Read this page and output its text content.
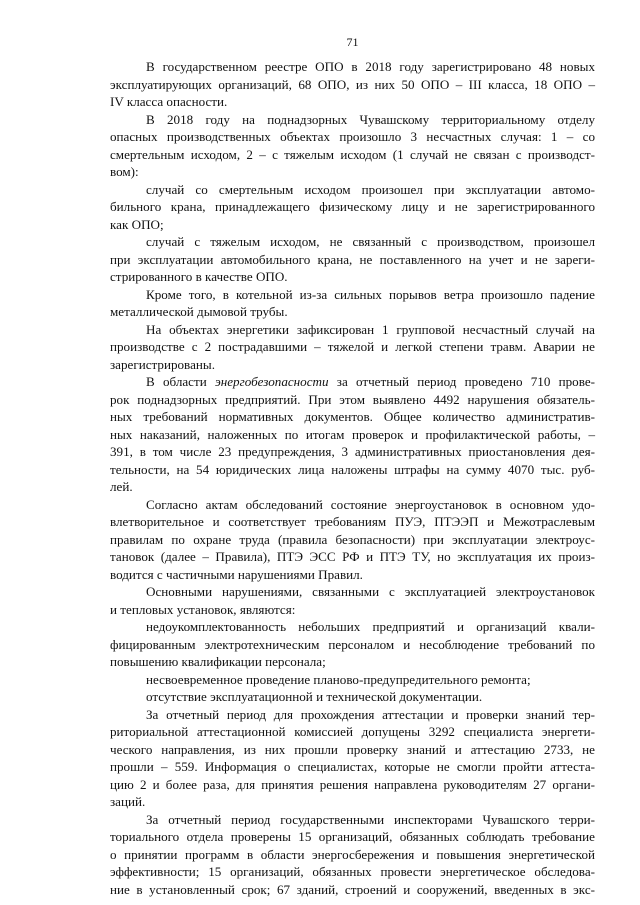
71
В государственном реестре ОПО в 2018 году зарегистрировано 48 новых
эксплуатирующих организаций, 68 ОПО, из них 50 ОПО – III класса, 18 ОПО –
IV класса опасности.
В 2018 году на поднадзорных Чувашскому территориальному отделу
опасных производственных объектах произошло 3 несчастных случая: 1 – со
смертельным исходом, 2 – с тяжелым исходом (1 случай не связан с производст-
вом):
случай со смертельным исходом произошел при эксплуатации автомо-
бильного крана, принадлежащего физическому лицу и не зарегистрированного
как ОПО;
случай с тяжелым исходом, не связанный с производством, произошел
при эксплуатации автомобильного крана, не поставленного на учет и не зареги-
стрированного в качестве ОПО.
Кроме того, в котельной из-за сильных порывов ветра произошло падение
металлической дымовой трубы.
На объектах энергетики зафиксирован 1 групповой несчастный случай на
производстве с 2 пострадавшими – тяжелой и легкой степени травм. Аварии не
зарегистрированы.
В области энергобезопасности за отчетный период проведено 710 прове-
рок поднадзорных предприятий. При этом выявлено 4492 нарушения обязатель-
ных требований нормативных документов. Общее количество административ-
ных наказаний, наложенных по итогам проверок и профилактической работы, –
391, в том числе 23 предупреждения, 3 административных приостановления дея-
тельности, на 54 юридических лица наложены штрафы на сумму 4070 тыс. руб-
лей.
Согласно актам обследований состояние энергоустановок в основном удо-
влетворительное и соответствует требованиям ПУЭ, ПТЭЭП и Межотраслевым
правилам по охране труда (правила безопасности) при эксплуатации электроус-
тановок (далее – Правила), ПТЭ ЭСС РФ и ПТЭ ТУ, но эксплуатация их произ-
водится с частичными нарушениями Правил.
Основными нарушениями, связанными с эксплуатацией электроустановок
и тепловых установок, являются:
недоукомплектованность небольших предприятий и организаций квали-
фицированным электротехническим персоналом и несоблюдение требований по
повышению квалификации персонала;
несвоевременное проведение планово-предупредительного ремонта;
отсутствие эксплуатационной и технической документации.
За отчетный период для прохождения аттестации и проверки знаний тер-
риториальной аттестационной комиссией допущены 3292 специалиста энергети-
ческого направления, из них прошли проверку знаний и аттестацию 2733, не
прошли – 559. Информация о специалистах, которые не смогли пройти аттеста-
цию 2 и более раза, для принятия решения направлена руководителям 27 органи-
заций.
За отчетный период государственными инспекторами Чувашского терри-
ториального отдела проверены 15 организаций, обязанных соблюдать требование
о принятии программ в области энергосбережения и повышения энергетической
эффективности; 15 организаций, обязанных провести энергетическое обследова-
ние в установленный срок; 67 зданий, строений и сооружений, введенных в экс-
